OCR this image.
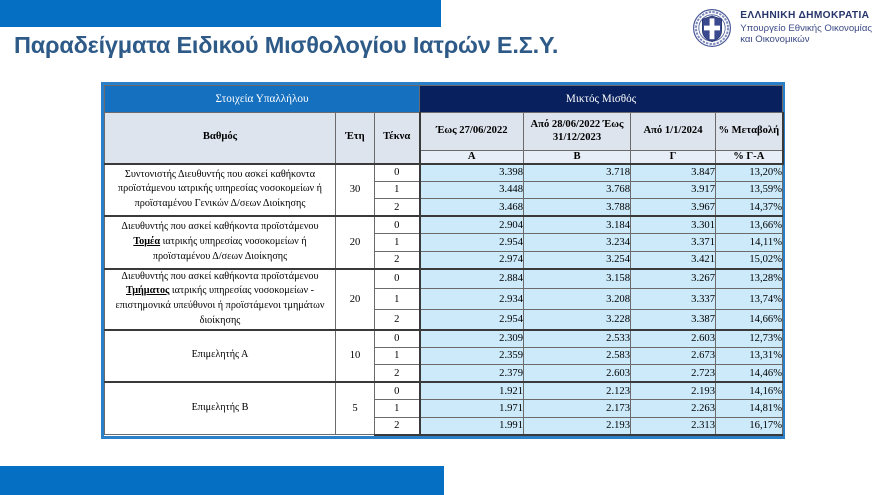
Παραδείγματα Ειδικού Μισθολογίου Ιατρών Ε.Σ.Υ.
ΕΛΛΗΝΙΚΗ ΔΗΜΟΚΡΑΤΙΑ
Υπουργείο Εθνικής Οικονομίας
και Οικονομικών
Στοιχεία Υπαλλήλου			Μικτός Μισθός			
Βαθμός	Έτη	Τέκνα	Έως 27/06/2022	Από 28/06/2022 Έως 31/12/2023	Από 1/1/2024	% Μεταβολή
			Α	Β	Γ	% Γ-Α

Συντονιστής Διευθυντής που ασκεί καθήκοντα
προϊστάμενου ιατρικής υπηρεσίας νοσοκομείων ή
προϊσταμένου Γενικών Δ/σεων Διοίκησης	30	0	3.398	3.718	3.847	13,20%
		1	3.448	3.768	3.917	13,59%
		2	3.468	3.788	3.967	14,37%

Διευθυντής που ασκεί καθήκοντα προϊστάμενου
Τομέα ιατρικής υπηρεσίας νοσοκομείων ή
προϊσταμένου Δ/σεων Διοίκησης	20	0	2.904	3.184	3.301	13,66%
		1	2.954	3.234	3.371	14,11%
		2	2.974	3.254	3.421	15,02%

Διευθυντής που ασκεί καθήκοντα προϊστάμενου
Τμήματος ιατρικής υπηρεσίας νοσοκομείων -
επιστημονικά υπεύθυνοι ή προϊστάμενοι τμημάτων
διοίκησης	20	0	2.884	3.158	3.267	13,28%
		1	2.934	3.208	3.337	13,74%
		2	2.954	3.228	3.387	14,66%

Επιμελητής Α	10	0	2.309	2.533	2.603	12,73%
		1	2.359	2.583	2.673	13,31%
		2	2.379	2.603	2.723	14,46%

Επιμελητής Β	5	0	1.921	2.123	2.193	14,16%
		1	1.971	2.173	2.263	14,81%
		2	1.991	2.193	2.313	16,17%
